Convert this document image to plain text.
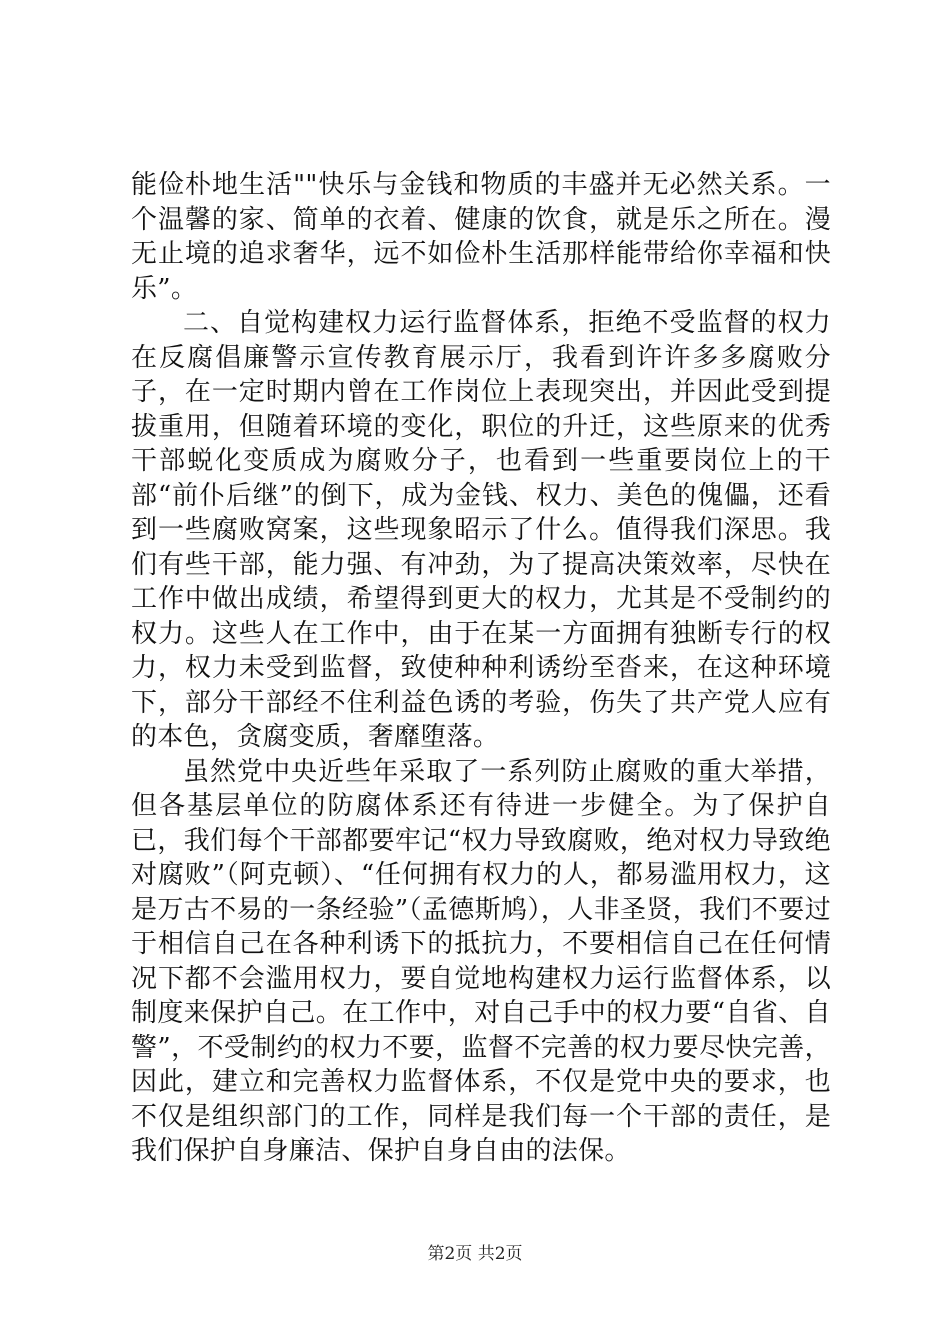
能俭朴地生活""快乐与金钱和物质的丰盛并无必然关系。一个温馨的家、简单的衣着、健康的饮食，就是乐之所在。漫无止境的追求奢华，远不如俭朴生活那样能带给你幸福和快乐”。

二、自觉构建权力运行监督体系，拒绝不受监督的权力在反腐倡廉警示宣传教育展示厅，我看到许许多多腐败分子，在一定时期内曾在工作岗位上表现突出，并因此受到提拔重用，但随着环境的变化，职位的升迁，这些原来的优秀干部蜕化变质成为腐败分子，也看到一些重要岗位上的干部“前仆后继”的倒下，成为金钱、权力、美色的傀儡，还看到一些腐败窝案，这些现象昭示了什么。值得我们深思。我们有些干部，能力强、有冲劲，为了提高决策效率，尽快在工作中做出成绩，希望得到更大的权力，尤其是不受制约的权力。这些人在工作中，由于在某一方面拥有独断专行的权力，权力未受到监督，致使种种利诱纷至沓来，在这种环境下，部分干部经不住利益色诱的考验，伤失了共产党人应有的本色，贪腐变质，奢靡堕落。

虽然党中央近些年采取了一系列防止腐败的重大举措，但各基层单位的防腐体系还有待进一步健全。为了保护自已，我们每个干部都要牢记“权力导致腐败，绝对权力导致绝对腐败”（阿克顿）、“任何拥有权力的人，都易滥用权力，这是万古不易的一条经验”（孟德斯鸠），人非圣贤，我们不要过于相信自己在各种利诱下的抵抗力，不要相信自己在任何情况下都不会滥用权力，要自觉地构建权力运行监督体系，以制度来保护自己。在工作中，对自己手中的权力要“自省、自警”，不受制约的权力不要，监督不完善的权力要尽快完善，因此，建立和完善权力监督体系，不仅是党中央的要求，也不仅是组织部门的工作，同样是我们每一个干部的责任，是我们保护自身廉洁、保护自身自由的法保。

第2页 共2页
